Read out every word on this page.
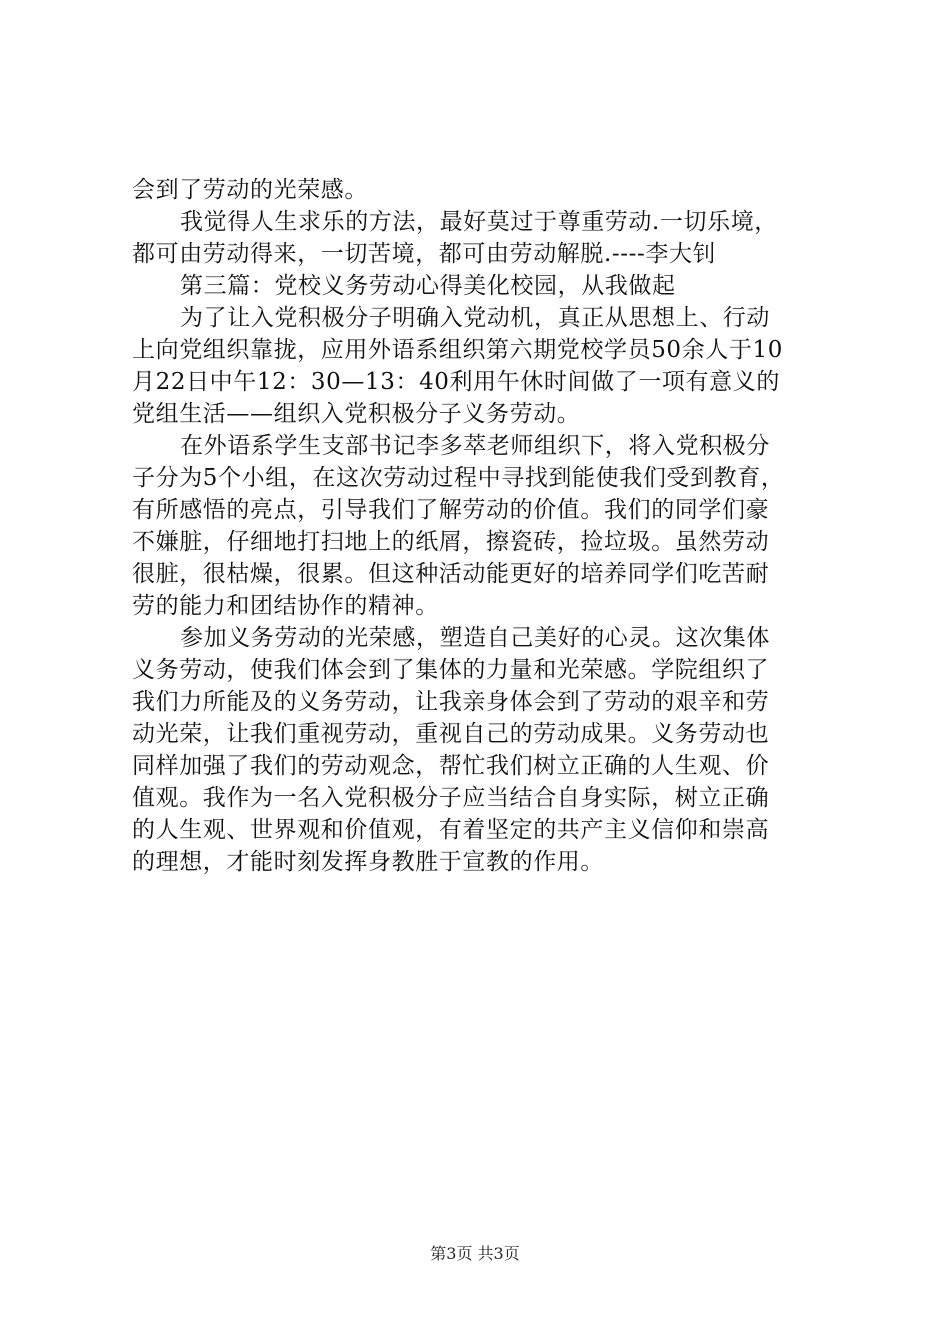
会到了劳动的光荣感。
我觉得人生求乐的方法，最好莫过于尊重劳动.一切乐境，
都可由劳动得来，一切苦境，都可由劳动解脱.----李大钊
第三篇：党校义务劳动心得美化校园，从我做起
为了让入党积极分子明确入党动机，真正从思想上、行动
上向党组织靠拢，应用外语系组织第六期党校学员50余人于10
月22日中午12：30—13：40利用午休时间做了一项有意义的
党组生活——组织入党积极分子义务劳动。
在外语系学生支部书记李多萃老师组织下，将入党积极分
子分为5个小组，在这次劳动过程中寻找到能使我们受到教育，
有所感悟的亮点，引导我们了解劳动的价值。我们的同学们豪
不嫌脏，仔细地打扫地上的纸屑，擦瓷砖，捡垃圾。虽然劳动
很脏，很枯燥，很累。但这种活动能更好的培养同学们吃苦耐
劳的能力和团结协作的精神。
参加义务劳动的光荣感，塑造自己美好的心灵。这次集体
义务劳动，使我们体会到了集体的力量和光荣感。学院组织了
我们力所能及的义务劳动，让我亲身体会到了劳动的艰辛和劳
动光荣，让我们重视劳动，重视自己的劳动成果。义务劳动也
同样加强了我们的劳动观念，帮忙我们树立正确的人生观、价
值观。我作为一名入党积极分子应当结合自身实际，树立正确
的人生观、世界观和价值观，有着坚定的共产主义信仰和崇高
的理想，才能时刻发挥身教胜于宣教的作用。
第3页 共3页
